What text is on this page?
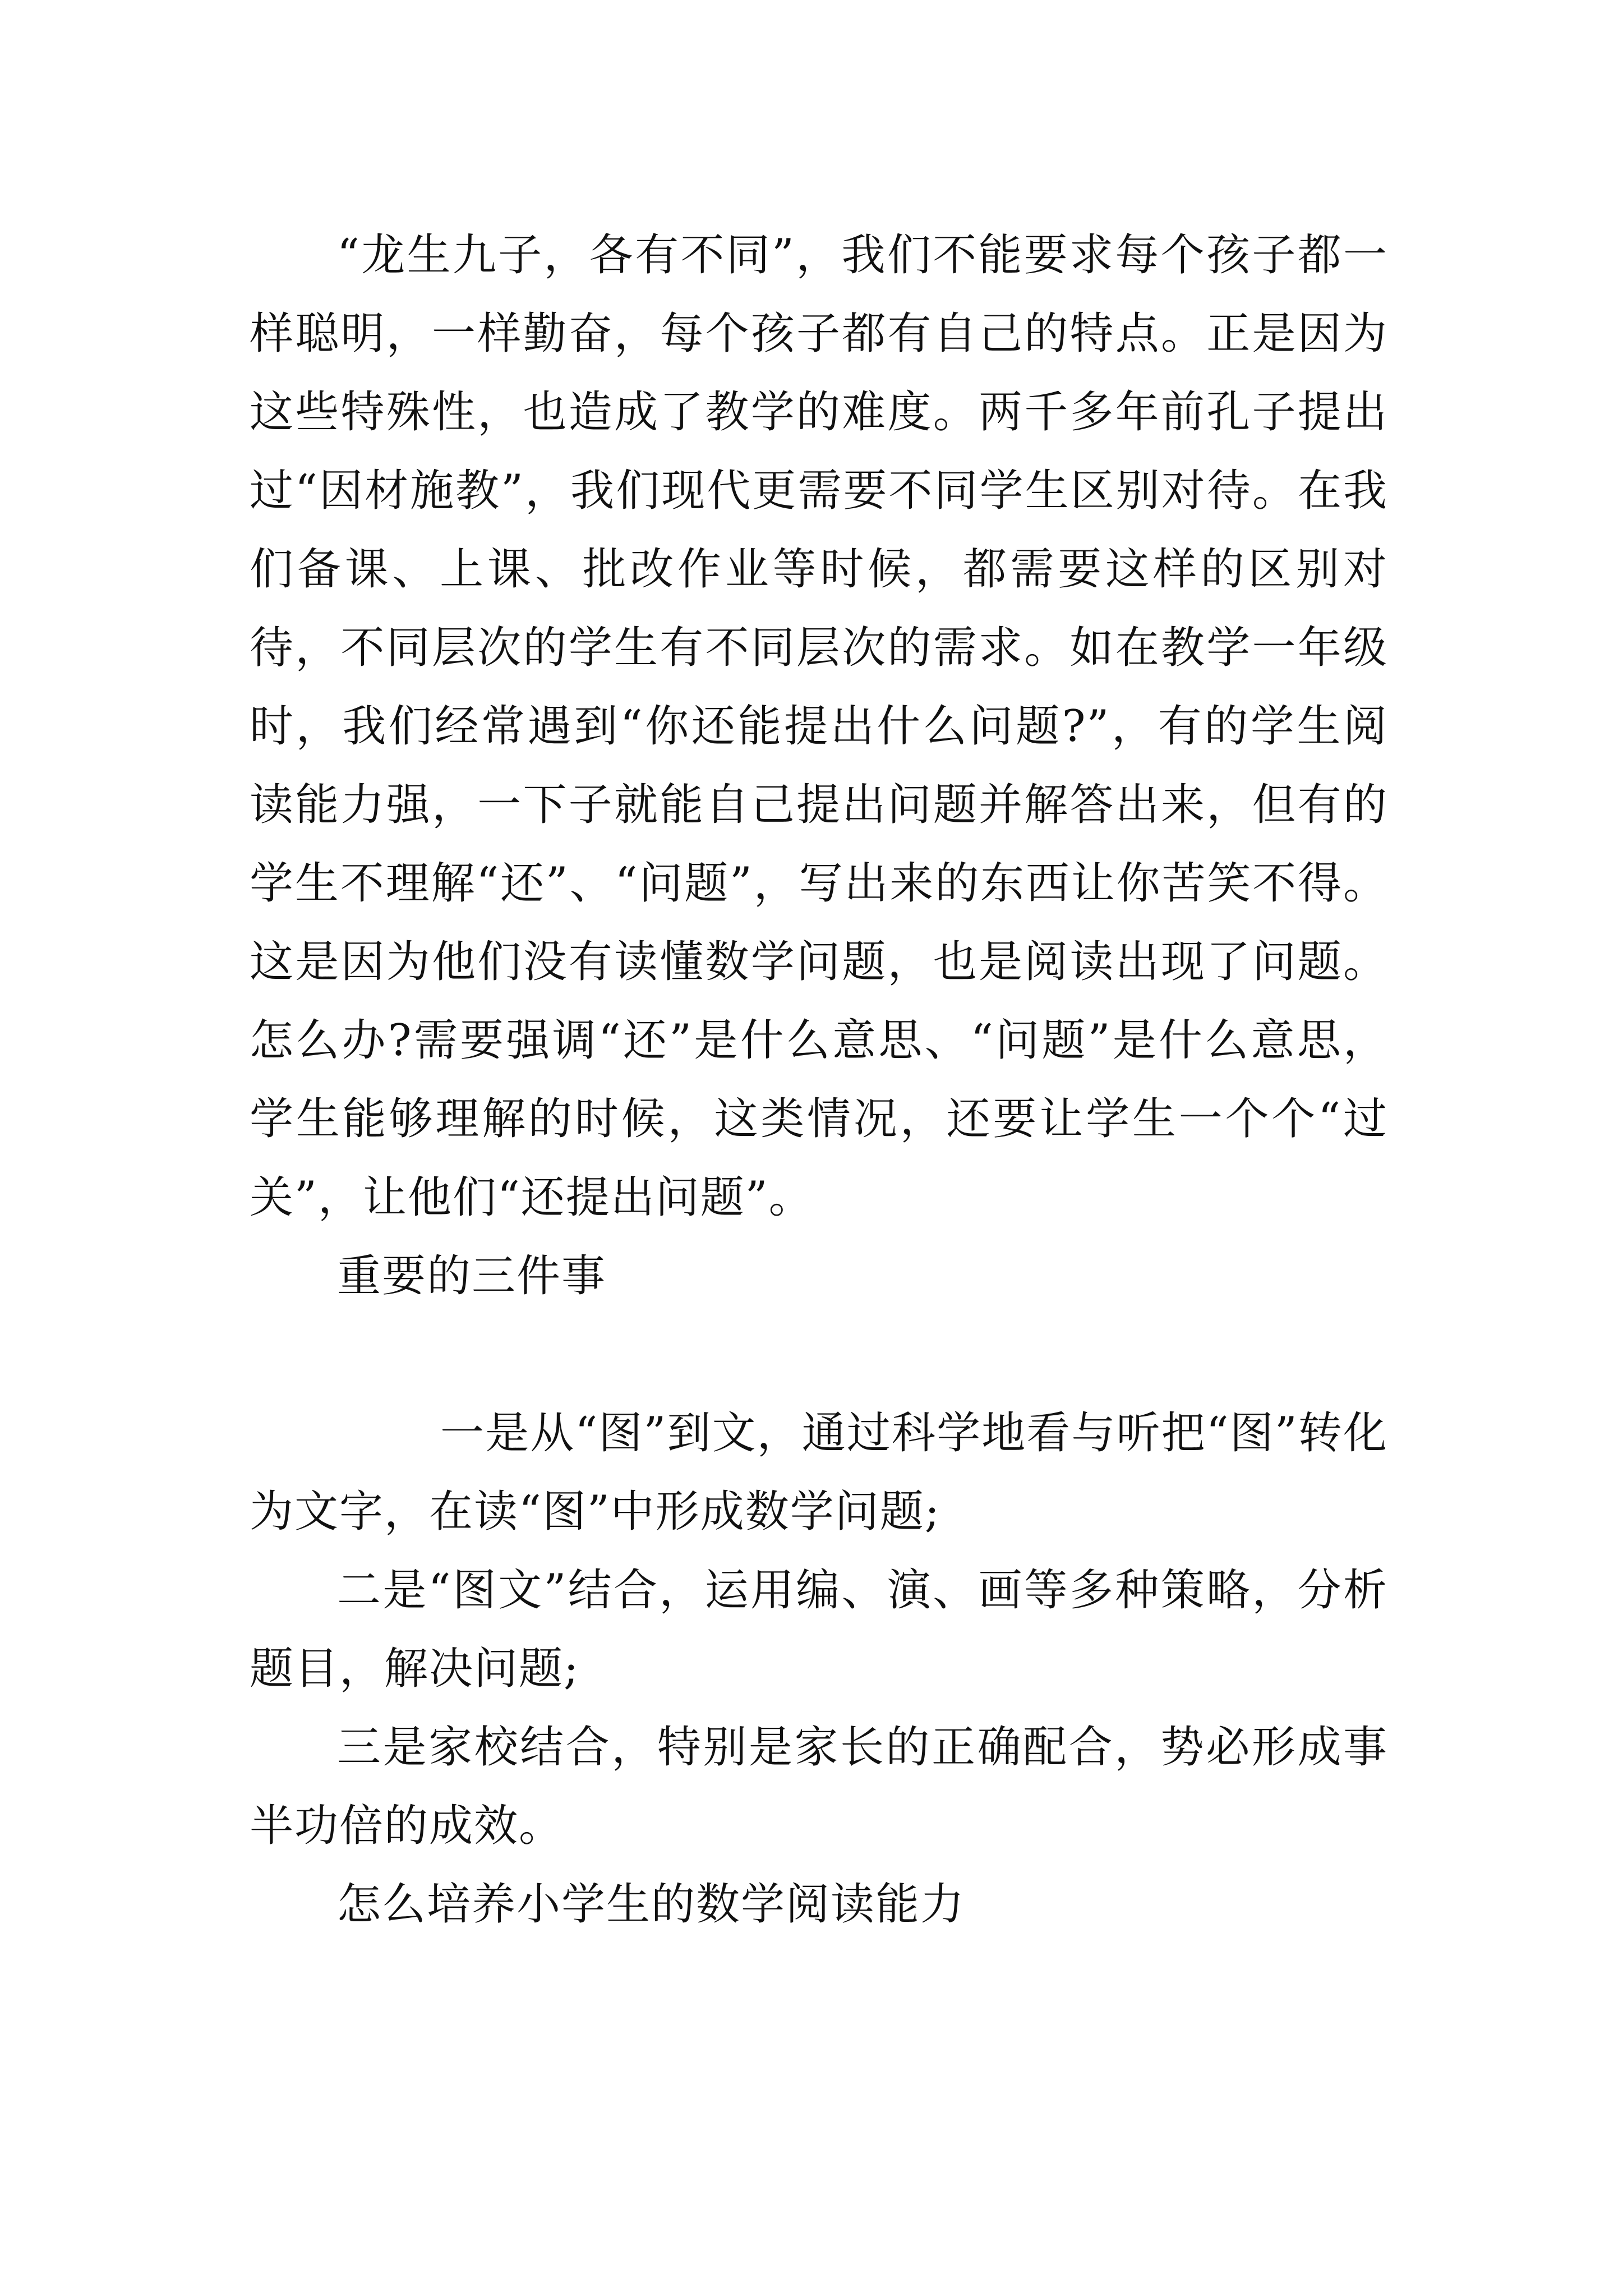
“龙生九子，各有不同”，我们不能要求每个孩子都一样聪明，一样勤奋，每个孩子都有自己的特点。正是因为这些特殊性，也造成了教学的难度。两千多年前孔子提出过“因材施教”，我们现代更需要不同学生区别对待。在我们备课、上课、批改作业等时候，都需要这样的区别对待，不同层次的学生有不同层次的需求。如在教学一年级时，我们经常遇到“你还能提出什么问题?”，有的学生阅读能力强，一下子就能自己提出问题并解答出来，但有的学生不理解“还”、“问题”，写出来的东西让你苦笑不得。这是因为他们没有读懂数学问题，也是阅读出现了问题。怎么办?需要强调“还”是什么意思、“问题”是什么意思，学生能够理解的时候，这类情况，还要让学生一个个“过关”，让他们“还提出问题”。

重要的三件事

一是从“图”到文，通过科学地看与听把“图”转化为文字，在读“图”中形成数学问题;

二是“图文”结合，运用编、演、画等多种策略，分析题目，解决问题;

三是家校结合，特别是家长的正确配合，势必形成事半功倍的成效。

怎么培养小学生的数学阅读能力
